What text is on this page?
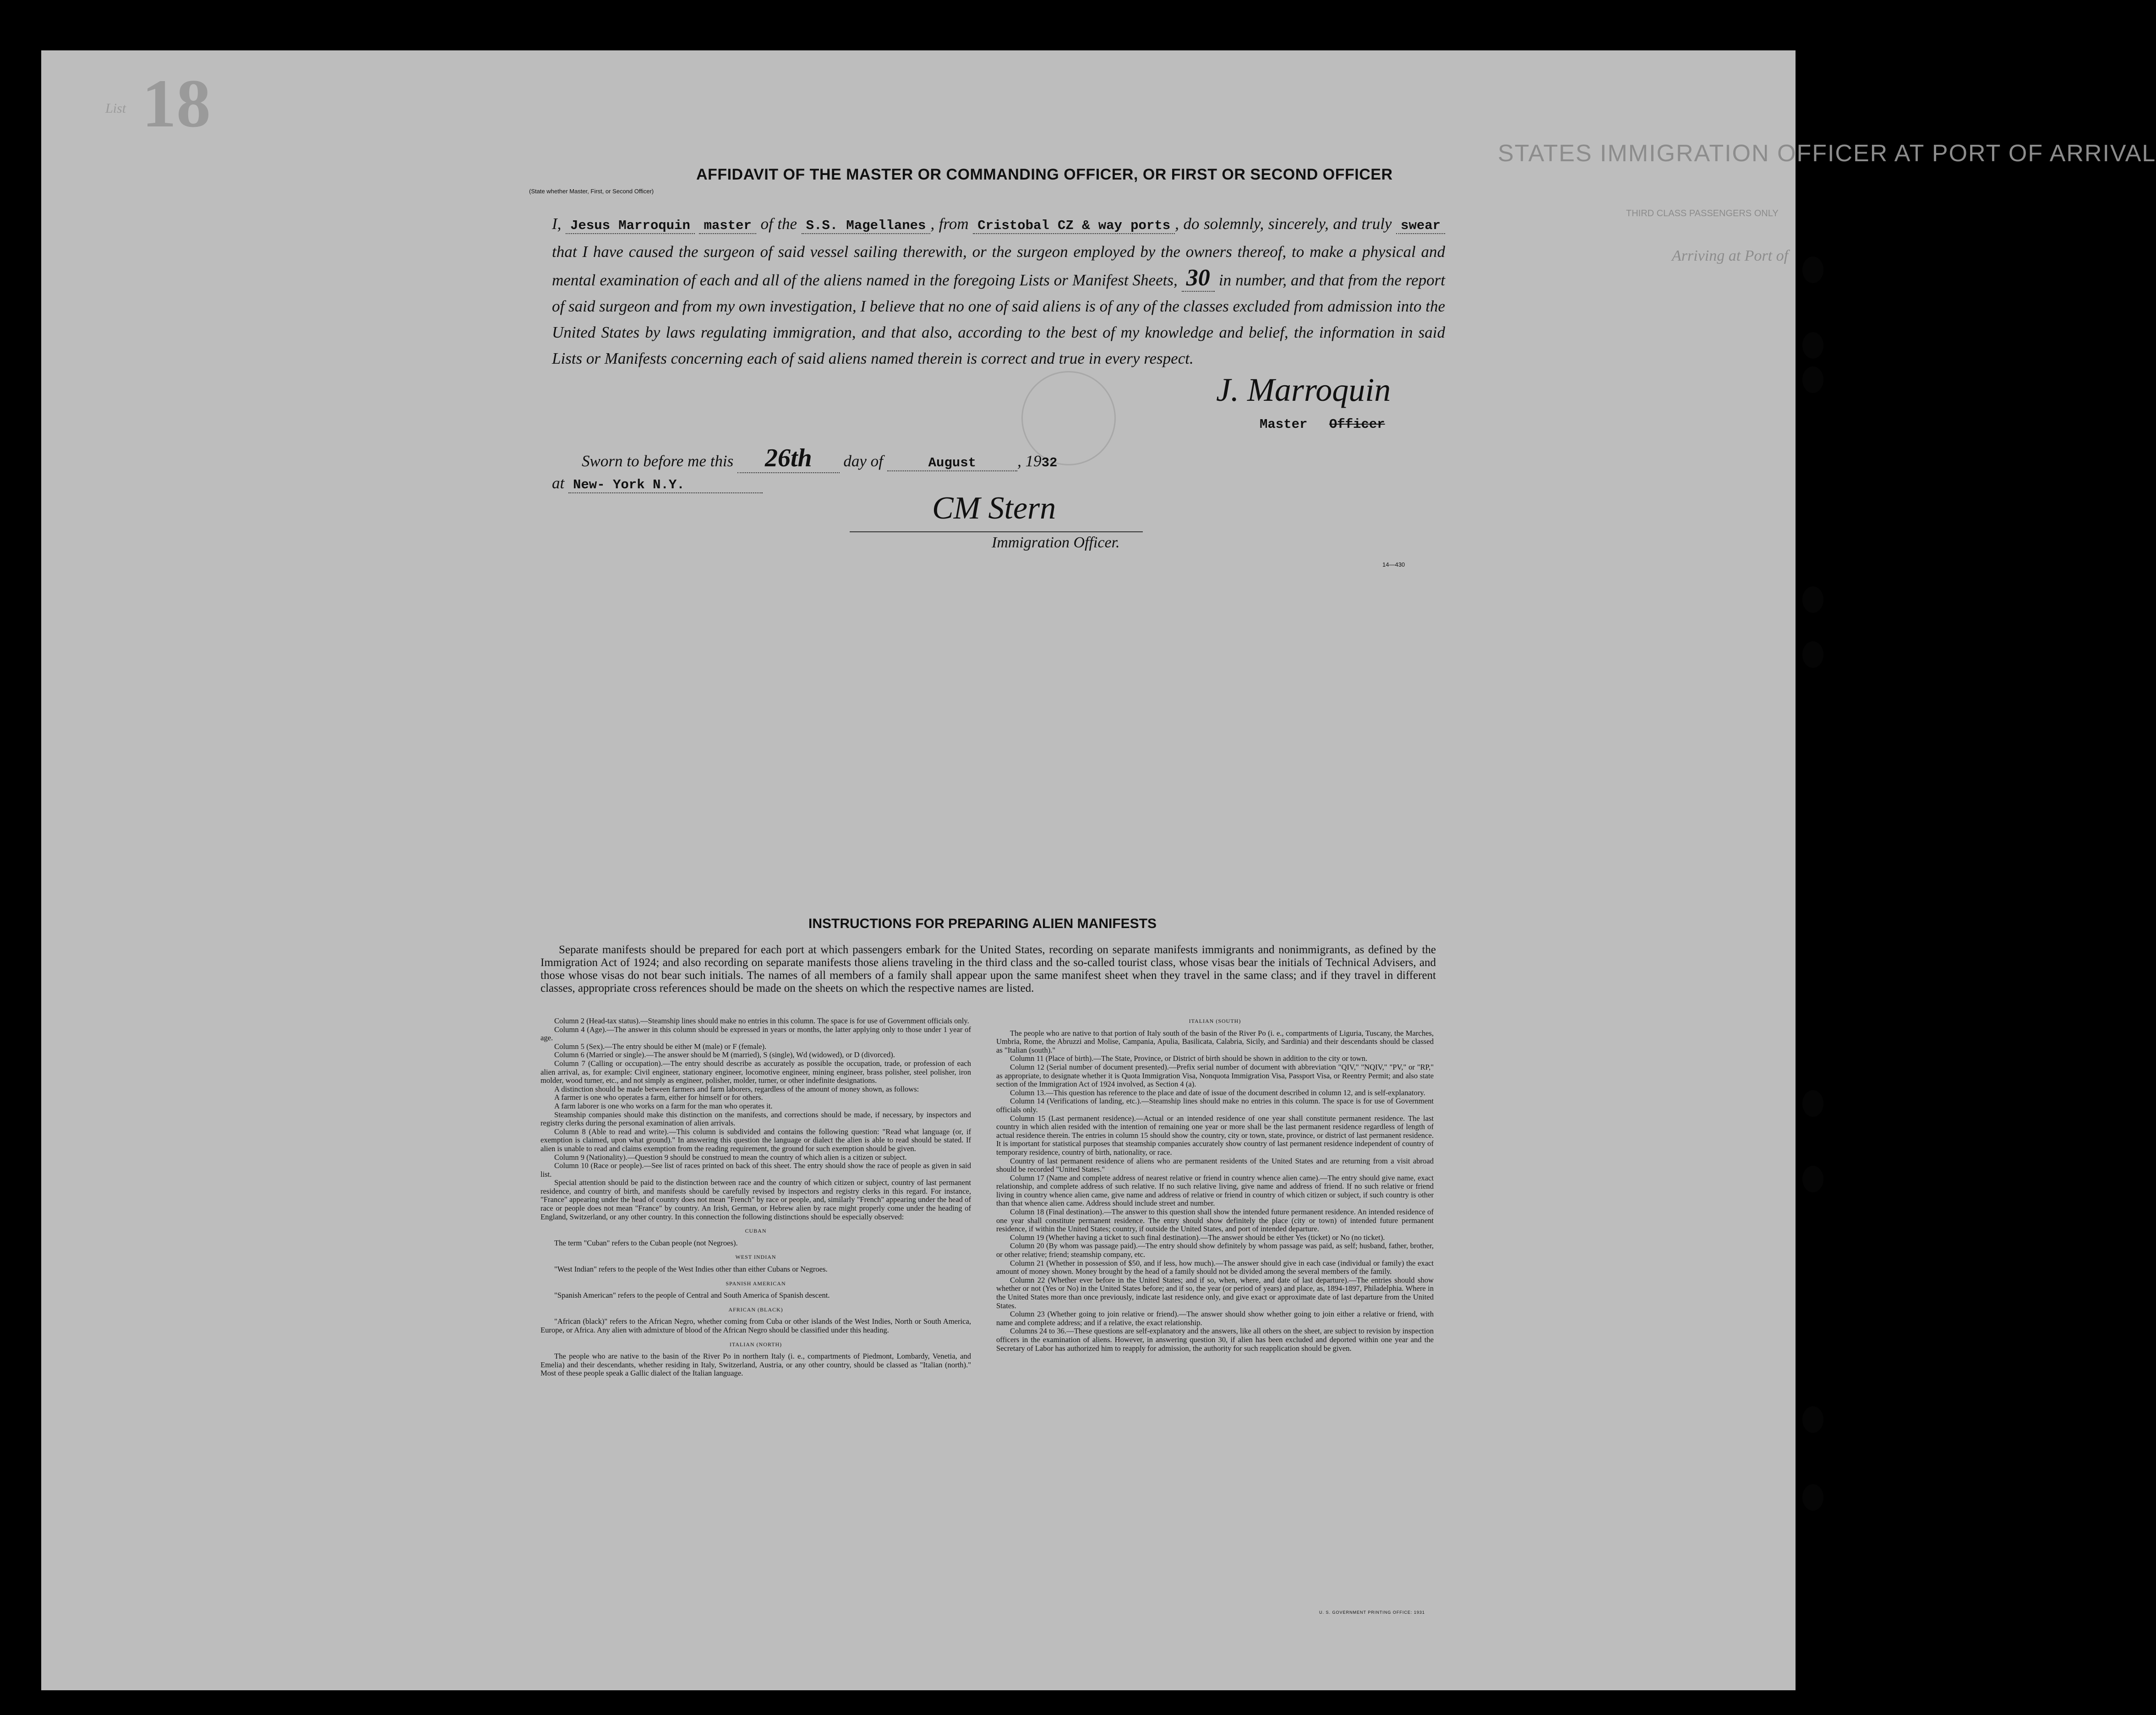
18
List
STATES IMMIGRATION OFFICER AT PORT OF ARRIVAL
THIRD CLASS PASSENGERS ONLY
Arriving at Port of
AFFIDAVIT OF THE MASTER OR COMMANDING OFFICER, OR FIRST OR SECOND OFFICER
(State whether Master, First, or Second Officer)
I, Jesus Marroquin master of the S.S. Magellanes , from Cristobal CZ & way ports , do solemnly, sincerely, and truly swear that I have caused the surgeon of said vessel sailing therewith, or the surgeon employed by the owners thereof, to make a physical and mental examination of each and all of the aliens named in the foregoing Lists or Manifest Sheets, 30 in number, and that from the report of said surgeon and from my own investigation, I believe that no one of said aliens is of any of the classes excluded from admission into the United States by laws regulating immigration, and that also, according to the best of my knowledge and belief, the information in said Lists or Manifests concerning each of said aliens named therein is correct and true in every respect.
J. Marroquin
Master Officer
Sworn to before me this 26th day of	August	, 1932
at New- York N.Y.
CM Stern
Immigration Officer.
14—430
INSTRUCTIONS FOR PREPARING ALIEN MANIFESTS
Separate manifests should be prepared for each port at which passengers embark for the United States, recording on separate manifests immigrants and nonimmigrants, as defined by the Immigration Act of 1924; and also recording on separate manifests those aliens traveling in the third class and the so-called tourist class, whose visas bear the initials of Technical Advisers, and those whose visas do not bear such initials. The names of all members of a family shall appear upon the same manifest sheet when they travel in the same class; and if they travel in different classes, appropriate cross references should be made on the sheets on which the respective names are listed.

Column 2 (Head-tax status).—Steamship lines should make no entries in this column. The space is for use of Government officials only.

Column 4 (Age).—The answer in this column should be expressed in years or months, the latter applying only to those under 1 year of age.

Column 5 (Sex).—The entry should be either M (male) or F (female).

Column 6 (Married or single).—The answer should be M (married), S (single), Wd (widowed), or D (divorced).

Column 7 (Calling or occupation).—The entry should describe as accurately as possible the occupation, trade, or profession of each alien arrival, as, for example: Civil engineer, stationary engineer, locomotive engineer, mining engineer, brass polisher, steel polisher, iron molder, wood turner, etc., and not simply as engineer, polisher, molder, turner, or other indefinite designations.

A distinction should be made between farmers and farm laborers, regardless of the amount of money shown, as follows:

A farmer is one who operates a farm, either for himself or for others.

A farm laborer is one who works on a farm for the man who operates it.

Steamship companies should make this distinction on the manifests, and corrections should be made, if necessary, by inspectors and registry clerks during the personal examination of alien arrivals.

Column 8 (Able to read and write).—This column is subdivided and contains the following question: "Read what language (or, if exemption is claimed, upon what ground)." In answering this question the language or dialect the alien is able to read should be stated. If alien is unable to read and claims exemption from the reading requirement, the ground for such exemption should be given.

Column 9 (Nationality).—Question 9 should be construed to mean the country of which alien is a citizen or subject.

Column 10 (Race or people).—See list of races printed on back of this sheet. The entry should show the race of people as given in said list.

Special attention should be paid to the distinction between race and the country of which citizen or subject, country of last permanent residence, and country of birth, and manifests should be carefully revised by inspectors and registry clerks in this regard. For instance, "France" appearing under the head of country does not mean "French" by race or people, and, similarly "French" appearing under the head of race or people does not mean "France" by country. An Irish, German, or Hebrew alien by race might properly come under the heading of England, Switzerland, or any other country. In this connection the following distinctions should be especially observed:

CUBAN

The term "Cuban" refers to the Cuban people (not Negroes).

WEST INDIAN

"West Indian" refers to the people of the West Indies other than either Cubans or Negroes.

SPANISH AMERICAN

"Spanish American" refers to the people of Central and South America of Spanish descent.

AFRICAN (BLACK)

"African (black)" refers to the African Negro, whether coming from Cuba or other islands of the West Indies, North or South America, Europe, or Africa. Any alien with admixture of blood of the African Negro should be classified under this heading.

ITALIAN (NORTH)

The people who are native to the basin of the River Po in northern Italy (i. e., compartments of Piedmont, Lombardy, Venetia, and Emelia) and their descendants, whether residing in Italy, Switzerland, Austria, or any other country, should be classed as "Italian (north)." Most of these people speak a Gallic dialect of the Italian language.

ITALIAN (SOUTH)

The people who are native to that portion of Italy south of the basin of the River Po (i. e., compartments of Liguria, Tuscany, the Marches, Umbria, Rome, the Abruzzi and Molise, Campania, Apulia, Basilicata, Calabria, Sicily, and Sardinia) and their descendants should be classed as "Italian (south)."

Column 11 (Place of birth).—The State, Province, or District of birth should be shown in addition to the city or town.

Column 12 (Serial number of document presented).—Prefix serial number of document with abbreviation "QIV," "NQIV," "PV," or "RP," as appropriate, to designate whether it is Quota Immigration Visa, Nonquota Immigration Visa, Passport Visa, or Reentry Permit; and also state section of the Immigration Act of 1924 involved, as Section 4 (a).

Column 13.—This question has reference to the place and date of issue of the document described in column 12, and is self-explanatory.

Column 14 (Verifications of landing, etc.).—Steamship lines should make no entries in this column. The space is for use of Government officials only.

Column 15 (Last permanent residence).—Actual or an intended residence of one year shall constitute permanent residence. The last country in which alien resided with the intention of remaining one year or more shall be the last permanent residence regardless of length of actual residence therein. The entries in column 15 should show the country, city or town, state, province, or district of last permanent residence. It is important for statistical purposes that steamship companies accurately show country of last permanent residence independent of country of temporary residence, country of birth, nationality, or race.

Country of last permanent residence of aliens who are permanent residents of the United States and are returning from a visit abroad should be recorded "United States."

Column 17 (Name and complete address of nearest relative or friend in country whence alien came).—The entry should give name, exact relationship, and complete address of such relative. If no such relative living, give name and address of friend. If no such relative or friend living in country whence alien came, give name and address of relative or friend in country of which citizen or subject, if such country is other than that whence alien came. Address should include street and number.

Column 18 (Final destination).—The answer to this question shall show the intended future permanent residence. An intended residence of one year shall constitute permanent residence. The entry should show definitely the place (city or town) of intended future permanent residence, if within the United States; country, if outside the United States, and port of intended departure.

Column 19 (Whether having a ticket to such final destination).—The answer should be either Yes (ticket) or No (no ticket).

Column 20 (By whom was passage paid).—The entry should show definitely by whom passage was paid, as self; husband, father, brother, or other relative; friend; steamship company, etc.

Column 21 (Whether in possession of $50, and if less, how much).—The answer should give in each case (individual or family) the exact amount of money shown. Money brought by the head of a family should not be divided among the several members of the family.

Column 22 (Whether ever before in the United States; and if so, when, where, and date of last departure).—The entries should show whether or not (Yes or No) in the United States before; and if so, the year (or period of years) and place, as, 1894-1897, Philadelphia. Where in the United States more than once previously, indicate last residence only, and give exact or approximate date of last departure from the United States.

Column 23 (Whether going to join relative or friend).—The answer should show whether going to join either a relative or friend, with name and complete address; and if a relative, the exact relationship.

Columns 24 to 36.—These questions are self-explanatory and the answers, like all others on the sheet, are subject to revision by inspection officers in the examination of aliens. However, in answering question 30, if alien has been excluded and deported within one year and the Secretary of Labor has authorized him to reapply for admission, the authority for such reapplication should be given.

U. S. GOVERNMENT PRINTING OFFICE: 1931
